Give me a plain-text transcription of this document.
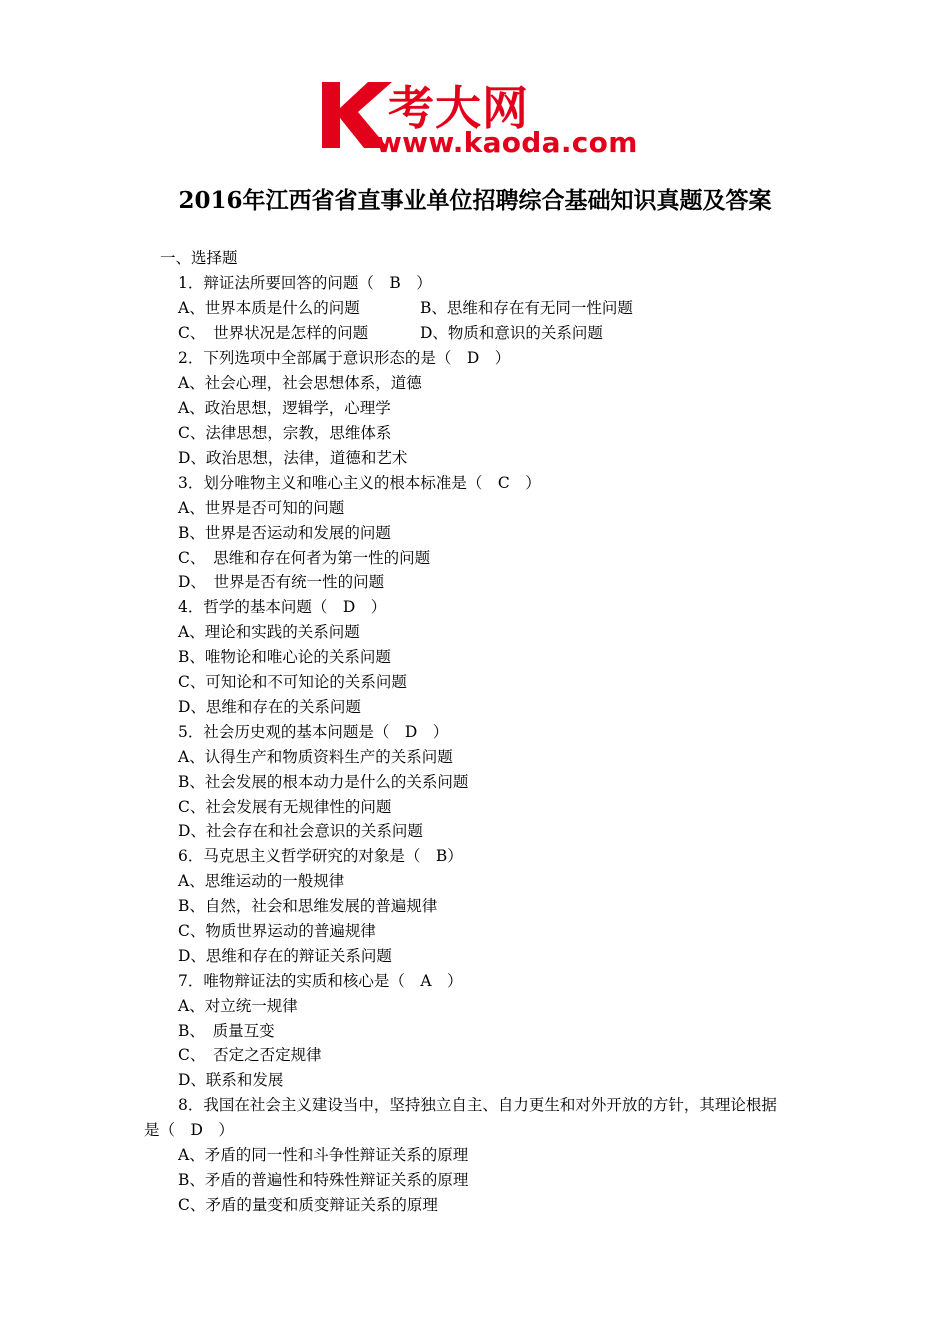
考大网
www.kaoda.com
2016年江西省省直事业单位招聘综合基础知识真题及答案
一、选择题
1．辩证法所要回答的问题（　B　）
A、世界本质是什么的问题	B、思维和存在有无同一性问题
C、　世界状况是怎样的问题	D、物质和意识的关系问题
2．下列选项中全部属于意识形态的是（　D　）
A、社会心理，社会思想体系，道德
A、政治思想，逻辑学，心理学
C、法律思想，宗教，思维体系
D、政治思想，法律，道德和艺术
3．划分唯物主义和唯心主义的根本标准是（　C　）
A、世界是否可知的问题
B、世界是否运动和发展的问题
C、　思维和存在何者为第一性的问题
D、　世界是否有统一性的问题
4．哲学的基本问题（　D　）
A、理论和实践的关系问题
B、唯物论和唯心论的关系问题
C、可知论和不可知论的关系问题
D、思维和存在的关系问题
5．社会历史观的基本问题是（　D　）
A、认得生产和物质资料生产的关系问题
B、社会发展的根本动力是什么的关系问题
C、社会发展有无规律性的问题
D、社会存在和社会意识的关系问题
6．马克思主义哲学研究的对象是（　B）
A、思维运动的一般规律
B、自然，社会和思维发展的普遍规律
C、物质世界运动的普遍规律
D、思维和存在的辩证关系问题
7．唯物辩证法的实质和核心是（　A　）
A、对立统一规律
B、　质量互变
C、　否定之否定规律
D、联系和发展
8．我国在社会主义建设当中，坚持独立自主、自力更生和对外开放的方针，其理论根据
是（　D　）
A、矛盾的同一性和斗争性辩证关系的原理
B、矛盾的普遍性和特殊性辩证关系的原理
C、矛盾的量变和质变辩证关系的原理
